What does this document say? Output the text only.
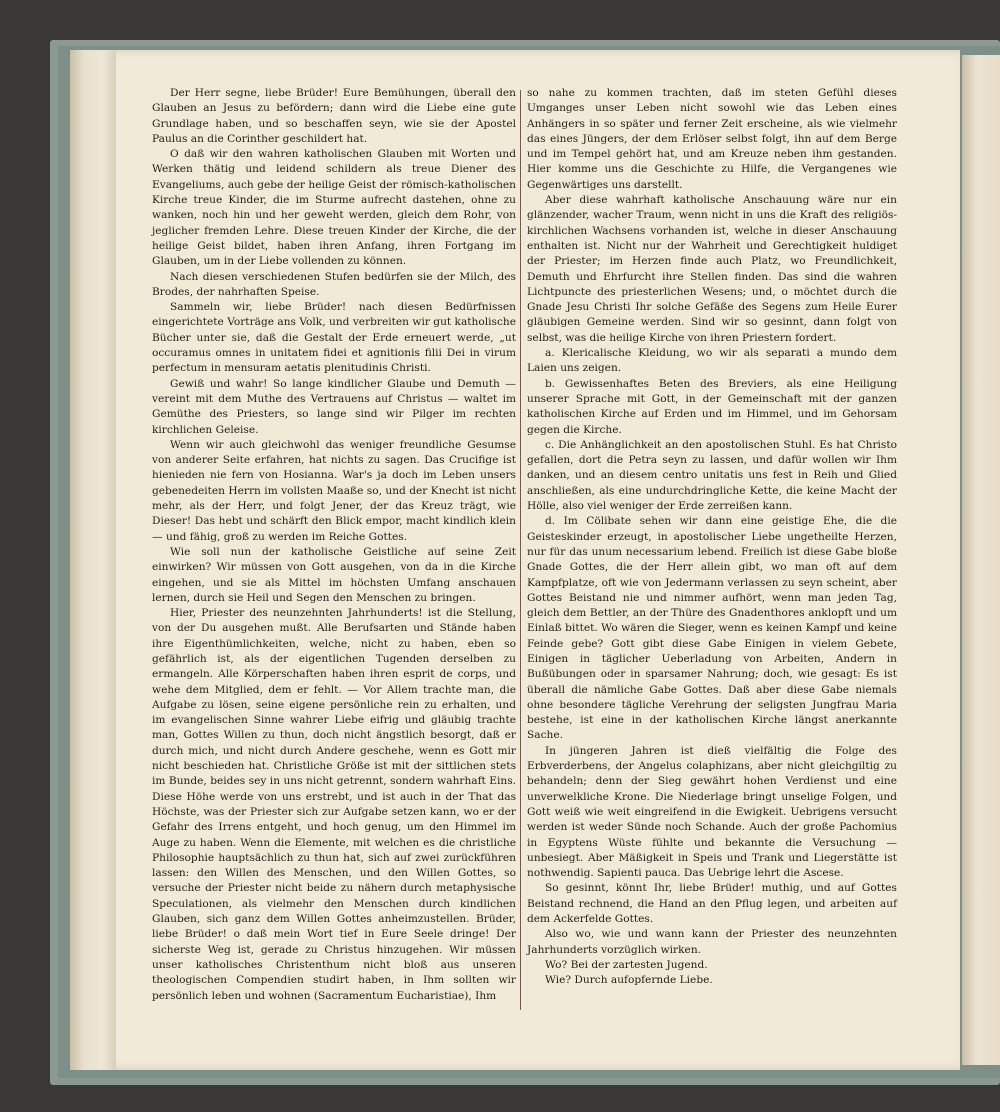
Der Herr segne, liebe Brüder! Eure Bemühungen, überall den Glauben an Jesus zu befördern; dann wird die Liebe eine gute Grundlage haben, und so beschaffen seyn, wie sie der Apostel Paulus an die Corinther geschildert hat.

O daß wir den wahren katholischen Glauben mit Worten und Werken thätig und leidend schildern als treue Diener des Evangeliums, auch gebe der heilige Geist der römisch-katholischen Kirche treue Kinder, die im Sturme aufrecht dastehen, ohne zu wanken, noch hin und her geweht werden, gleich dem Rohr, von jeglicher fremden Lehre. Diese treuen Kinder der Kirche, die der heilige Geist bildet, haben ihren Anfang, ihren Fortgang im Glauben, um in der Liebe vollenden zu können.

Nach diesen verschiedenen Stufen bedürfen sie der Milch, des Brodes, der nahrhaften Speise.

Sammeln wir, liebe Brüder! nach diesen Bedürfnissen eingerichtete Vorträge ans Volk, und verbreiten wir gut katholische Bücher unter sie, daß die Gestalt der Erde erneuert werde, „ut occuramus omnes in unitatem fidei et agnitionis filii Dei in virum perfectum in mensuram aetatis plenitudinis Christi.

Gewiß und wahr! So lange kindlicher Glaube und Demuth — vereint mit dem Muthe des Vertrauens auf Christus — waltet im Gemüthe des Priesters, so lange sind wir Pilger im rechten kirchlichen Geleise.

Wenn wir auch gleichwohl das weniger freundliche Gesumse von anderer Seite erfahren, hat nichts zu sagen. Das Crucifige ist hienieden nie fern von Hosianna. War's ja doch im Leben unsers gebenedeiten Herrn im vollsten Maaße so, und der Knecht ist nicht mehr, als der Herr, und folgt Jener, der das Kreuz trägt, wie Dieser! Das hebt und schärft den Blick empor, macht kindlich klein — und fähig, groß zu werden im Reiche Gottes.

Wie soll nun der katholische Geistliche auf seine Zeit einwirken? Wir müssen von Gott ausgehen, von da in die Kirche eingehen, und sie als Mittel im höchsten Umfang anschauen lernen, durch sie Heil und Segen den Menschen zu bringen.

Hier, Priester des neunzehnten Jahrhunderts! ist die Stellung, von der Du ausgehen mußt. Alle Berufsarten und Stände haben ihre Eigenthümlichkeiten, welche, nicht zu haben, eben so gefährlich ist, als der eigentlichen Tugenden derselben zu ermangeln. Alle Körperschaften haben ihren esprit de corps, und wehe dem Mitglied, dem er fehlt. — Vor Allem trachte man, die Aufgabe zu lösen, seine eigene persönliche rein zu erhalten, und im evangelischen Sinne wahrer Liebe eifrig und gläubig trachte man, Gottes Willen zu thun, doch nicht ängstlich besorgt, daß er durch mich, und nicht durch Andere geschehe, wenn es Gott mir nicht beschieden hat. Christliche Größe ist mit der sittlichen stets im Bunde, beides sey in uns nicht getrennt, sondern wahrhaft Eins. Diese Höhe werde von uns erstrebt, und ist auch in der That das Höchste, was der Priester sich zur Aufgabe setzen kann, wo er der Gefahr des Irrens entgeht, und hoch genug, um den Himmel im Auge zu haben. Wenn die Elemente, mit welchen es die christliche Philosophie hauptsächlich zu thun hat, sich auf zwei zurückführen lassen: den Willen des Menschen, und den Willen Gottes, so versuche der Priester nicht beide zu nähern durch metaphysische Speculationen, als vielmehr den Menschen durch kindlichen Glauben, sich ganz dem Willen Gottes anheimzustellen. Brüder, liebe Brüder! o daß mein Wort tief in Eure Seele dringe! Der sicherste Weg ist, gerade zu Christus hinzugehen. Wir müssen unser katholisches Christenthum nicht bloß aus unseren theologischen Compendien studirt haben, in Ihm sollten wir persönlich leben und wohnen (Sacramentum Eucharistiae), Ihm

so nahe zu kommen trachten, daß im steten Gefühl dieses Umganges unser Leben nicht sowohl wie das Leben eines Anhängers in so später und ferner Zeit erscheine, als wie vielmehr das eines Jüngers, der dem Erlöser selbst folgt, ihn auf dem Berge und im Tempel gehört hat, und am Kreuze neben ihm gestanden. Hier komme uns die Geschichte zu Hilfe, die Vergangenes wie Gegenwärtiges uns darstellt.

Aber diese wahrhaft katholische Anschauung wäre nur ein glänzender, wacher Traum, wenn nicht in uns die Kraft des religiös-kirchlichen Wachsens vorhanden ist, welche in dieser Anschauung enthalten ist. Nicht nur der Wahrheit und Gerechtigkeit huldiget der Priester; im Herzen finde auch Platz, wo Freundlichkeit, Demuth und Ehrfurcht ihre Stellen finden. Das sind die wahren Lichtpuncte des priesterlichen Wesens; und, o möchtet durch die Gnade Jesu Christi Ihr solche Gefäße des Segens zum Heile Eurer gläubigen Gemeine werden. Sind wir so gesinnt, dann folgt von selbst, was die heilige Kirche von ihren Priestern fordert.

a. Klericalische Kleidung, wo wir als separati a mundo dem Laien uns zeigen.

b. Gewissenhaftes Beten des Breviers, als eine Heiligung unserer Sprache mit Gott, in der Gemeinschaft mit der ganzen katholischen Kirche auf Erden und im Himmel, und im Gehorsam gegen die Kirche.

c. Die Anhänglichkeit an den apostolischen Stuhl. Es hat Christo gefallen, dort die Petra seyn zu lassen, und dafür wollen wir Ihm danken, und an diesem centro unitatis uns fest in Reih und Glied anschließen, als eine undurchdringliche Kette, die keine Macht der Hölle, also viel weniger der Erde zerreißen kann.

d. Im Cölibate sehen wir dann eine geistige Ehe, die die Geisteskinder erzeugt, in apostolischer Liebe ungetheilte Herzen, nur für das unum necessarium lebend. Freilich ist diese Gabe bloße Gnade Gottes, die der Herr allein gibt, wo man oft auf dem Kampfplatze, oft wie von Jedermann verlassen zu seyn scheint, aber Gottes Beistand nie und nimmer aufhört, wenn man jeden Tag, gleich dem Bettler, an der Thüre des Gnadenthores anklopft und um Einlaß bittet. Wo wären die Sieger, wenn es keinen Kampf und keine Feinde gebe? Gott gibt diese Gabe Einigen in vielem Gebete, Einigen in täglicher Ueberladung von Arbeiten, Andern in Bußübungen oder in sparsamer Nahrung; doch, wie gesagt: Es ist überall die nämliche Gabe Gottes. Daß aber diese Gabe niemals ohne besondere tägliche Verehrung der seligsten Jungfrau Maria bestehe, ist eine in der katholischen Kirche längst anerkannte Sache.

In jüngeren Jahren ist dieß vielfältig die Folge des Erbverderbens, der Angelus colaphizans, aber nicht gleichgiltig zu behandeln; denn der Sieg gewährt hohen Verdienst und eine unverwelkliche Krone. Die Niederlage bringt unselige Folgen, und Gott weiß wie weit eingreifend in die Ewigkeit. Uebrigens versucht werden ist weder Sünde noch Schande. Auch der große Pachomius in Egyptens Wüste fühlte und bekannte die Versuchung — unbesiegt. Aber Mäßigkeit in Speis und Trank und Liegerstätte ist nothwendig. Sapienti pauca. Das Uebrige lehrt die Ascese.

So gesinnt, könnt Ihr, liebe Brüder! muthig, und auf Gottes Beistand rechnend, die Hand an den Pflug legen, und arbeiten auf dem Ackerfelde Gottes.

Also wo, wie und wann kann der Priester des neunzehnten Jahrhunderts vorzüglich wirken.

Wo? Bei der zartesten Jugend.

Wie? Durch aufopfernde Liebe.
